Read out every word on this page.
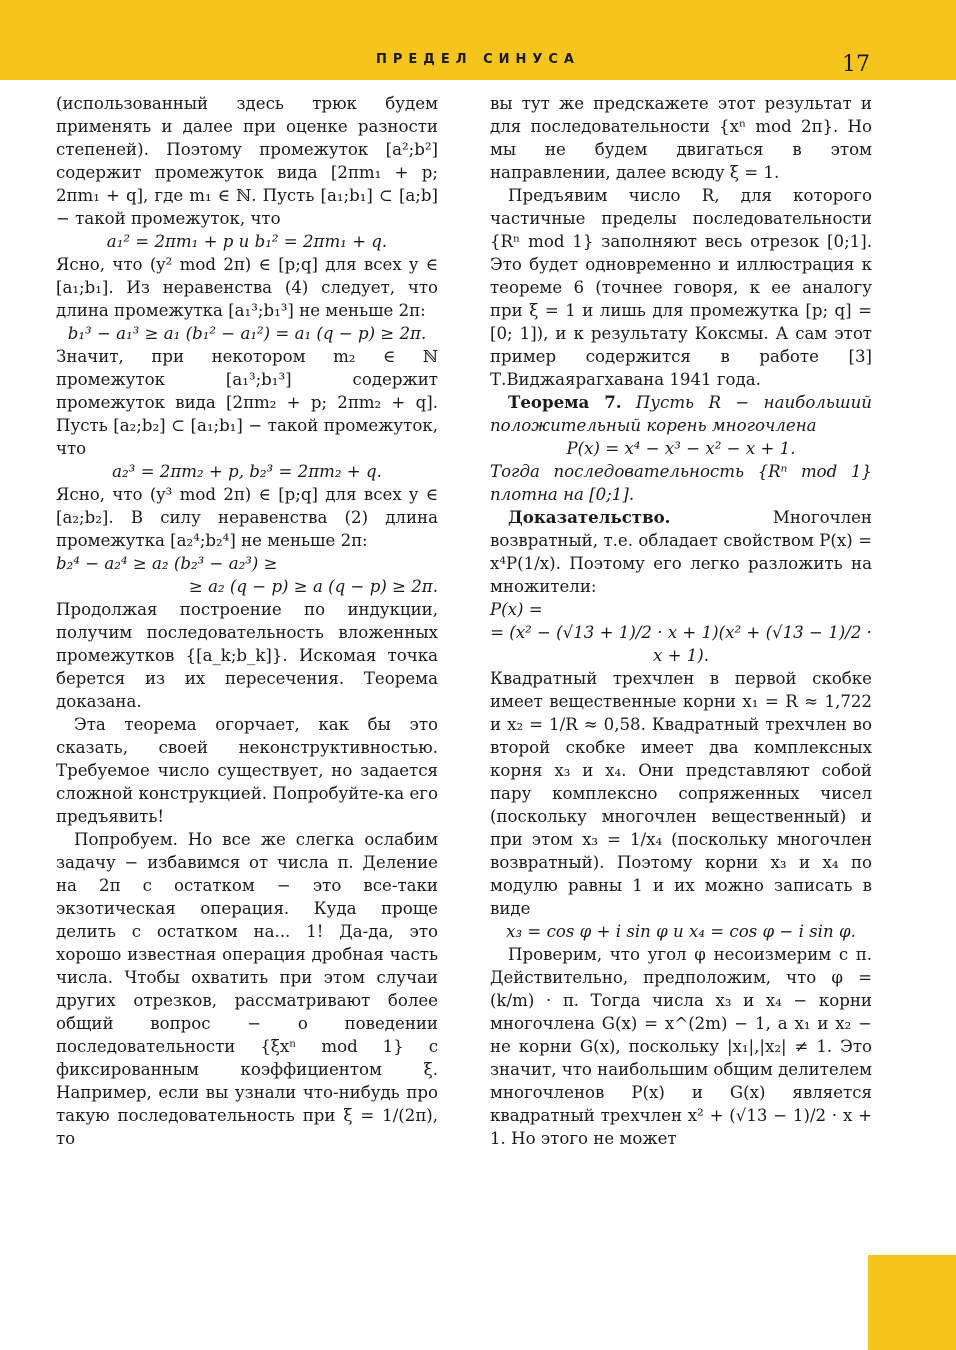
ПРЕДЕЛ СИНУСА	17

(использованный здесь трюк будем применять и далее при оценке разности степеней). Поэтому промежуток [a²;b²] содержит промежуток вида [2πm₁ + p; 2πm₁ + q], где m₁ ∈ ℕ. Пусть [a₁;b₁] ⊂ [a;b] − такой промежуток, что

a₁² = 2πm₁ + p и b₁² = 2πm₁ + q.

Ясно, что (y² mod 2π) ∈ [p;q] для всех y ∈ [a₁;b₁]. Из неравенства (4) следует, что длина промежутка [a₁³;b₁³] не меньше 2π:

b₁³ − a₁³ ≥ a₁ (b₁² − a₁²) = a₁ (q − p) ≥ 2π.

Значит, при некотором m₂ ∈ ℕ промежуток [a₁³;b₁³] содержит промежуток вида [2πm₂ + p; 2πm₂ + q]. Пусть [a₂;b₂] ⊂ [a₁;b₁] − такой промежуток, что

a₂³ = 2πm₂ + p, b₂³ = 2πm₂ + q.

Ясно, что (y³ mod 2π) ∈ [p;q] для всех y ∈ [a₂;b₂]. В силу неравенства (2) длина промежутка [a₂⁴;b₂⁴] не меньше 2π:

b₂⁴ − a₂⁴ ≥ a₂ (b₂³ − a₂³) ≥

≥ a₂ (q − p) ≥ a (q − p) ≥ 2π.

Продолжая построение по индукции, получим последовательность вложенных промежутков {[a_k;b_k]}. Искомая точка берется из их пересечения. Теорема доказана.

Эта теорема огорчает, как бы это сказать, своей неконструктивностью. Требуемое число существует, но задается сложной конструкцией. Попробуйте-ка его предъявить!

Попробуем. Но все же слегка ослабим задачу − избавимся от числа π. Деление на 2π с остатком − это все-таки экзотическая операция. Куда проще делить с остатком на... 1! Да-да, это хорошо известная операция дробная часть числа. Чтобы охватить при этом случаи других отрезков, рассматривают более общий вопрос − о поведении последовательности {ξxⁿ mod 1} с фиксированным коэффициентом ξ. Например, если вы узнали что-нибудь про такую последовательность при ξ = 1/(2π), то

вы тут же предскажете этот результат и для последовательности {xⁿ mod 2π}. Но мы не будем двигаться в этом направлении, далее всюду ξ = 1.

Предъявим число R, для которого частичные пределы последовательности {Rⁿ mod 1} заполняют весь отрезок [0;1]. Это будет одновременно и иллюстрация к теореме 6 (точнее говоря, к ее аналогу при ξ = 1 и лишь для промежутка [p; q] = [0; 1]), и к результату Коксмы. А сам этот пример содержится в работе [3] Т.Виджаярагхавана 1941 года.

Теорема 7. Пусть R − наибольший положительный корень многочлена

P(x) = x⁴ − x³ − x² − x + 1.

Тогда последовательность {Rⁿ mod 1} плотна на [0;1].

Доказательство. Многочлен возвратный, т.е. обладает свойством P(x) = x⁴P(1/x). Поэтому его легко разложить на множители:

P(x) =

= (x² − (√13 + 1)/2 · x + 1)(x² + (√13 − 1)/2 · x + 1).

Квадратный трехчлен в первой скобке имеет вещественные корни x₁ = R ≈ 1,722 и x₂ = 1/R ≈ 0,58. Квадратный трехчлен во второй скобке имеет два комплексных корня x₃ и x₄. Они представляют собой пару комплексно сопряженных чисел (поскольку многочлен вещественный) и при этом x₃ = 1/x₄ (поскольку многочлен возвратный). Поэтому корни x₃ и x₄ по модулю равны 1 и их можно записать в виде

x₃ = cos φ + i sin φ и x₄ = cos φ − i sin φ.

Проверим, что угол φ несоизмерим с π. Действительно, предположим, что φ = (k/m) · π. Тогда числа x₃ и x₄ − корни многочлена G(x) = x^(2m) − 1, а x₁ и x₂ − не корни G(x), поскольку |x₁|,|x₂| ≠ 1. Это значит, что наибольшим общим делителем многочленов P(x) и G(x) является квадратный трехчлен x² + (√13 − 1)/2 · x + 1. Но этого не может
